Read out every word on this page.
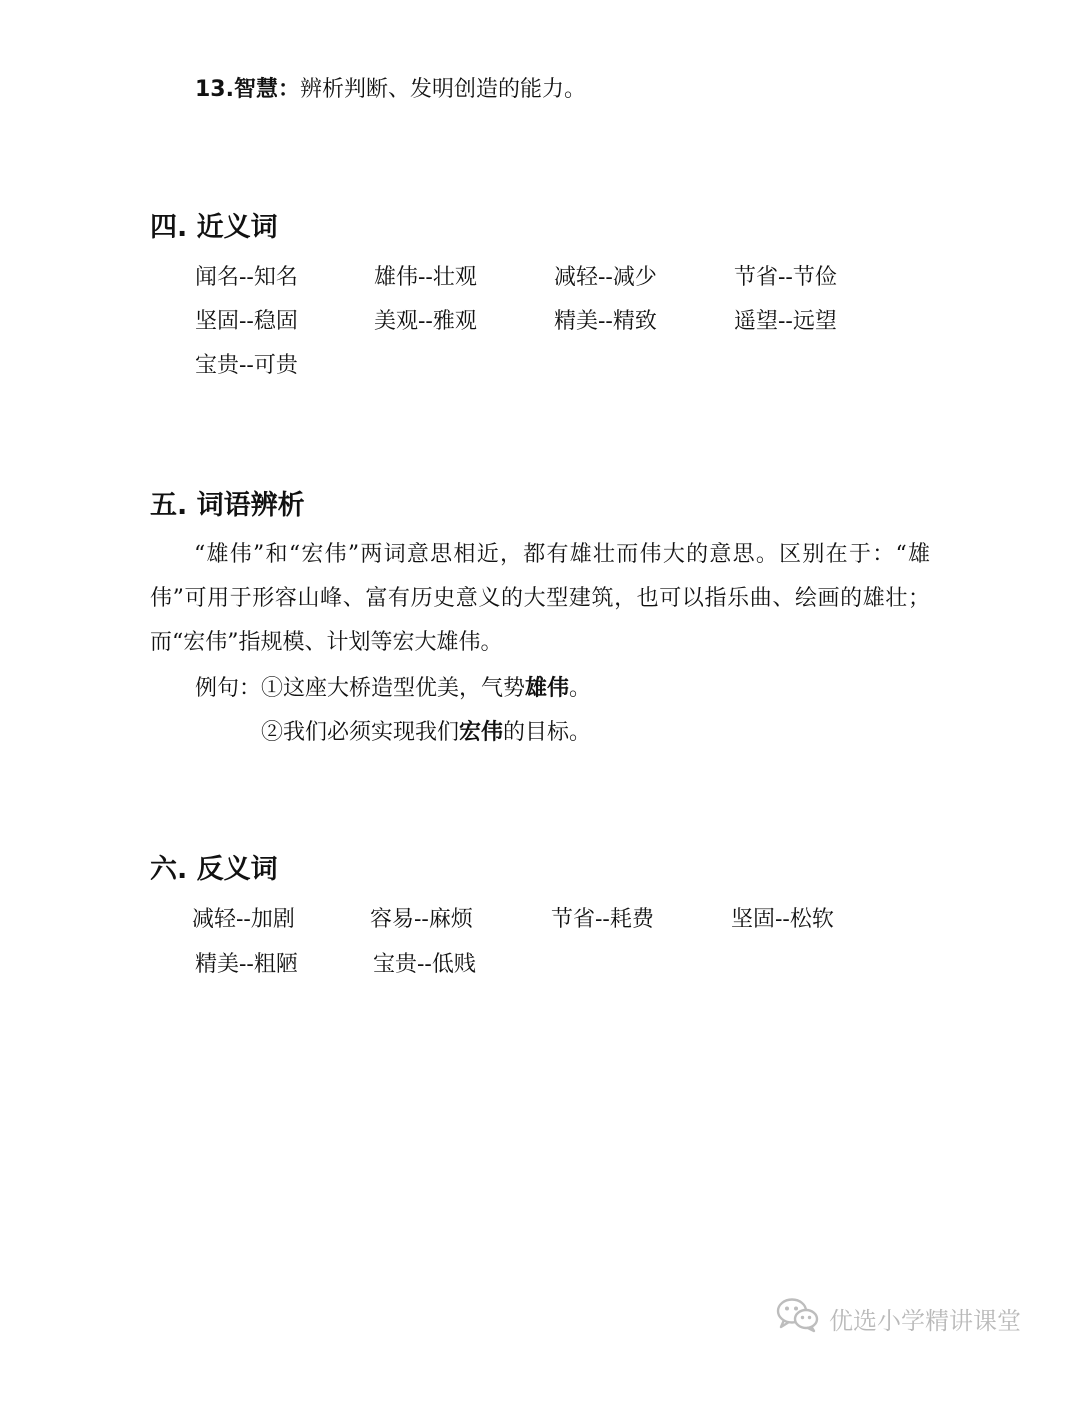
13.智慧：辨析判断、发明创造的能力。
四. 近义词
闻名--知名	雄伟--壮观	减轻--减少	节省--节俭
坚固--稳固	美观--雅观	精美--精致	遥望--远望
宝贵--可贵
五. 词语辨析
“雄伟”和“宏伟”两词意思相近，都有雄壮而伟大的意思。区别在于：“雄伟”可用于形容山峰、富有历史意义的大型建筑，也可以指乐曲、绘画的雄壮；而“宏伟”指规模、计划等宏大雄伟。
例句：①这座大桥造型优美，气势雄伟。
②我们必须实现我们宏伟的目标。
六. 反义词
减轻--加剧	容易--麻烦	节省--耗费	坚固--松软
精美--粗陋	宝贵--低贱
优选小学精讲课堂
